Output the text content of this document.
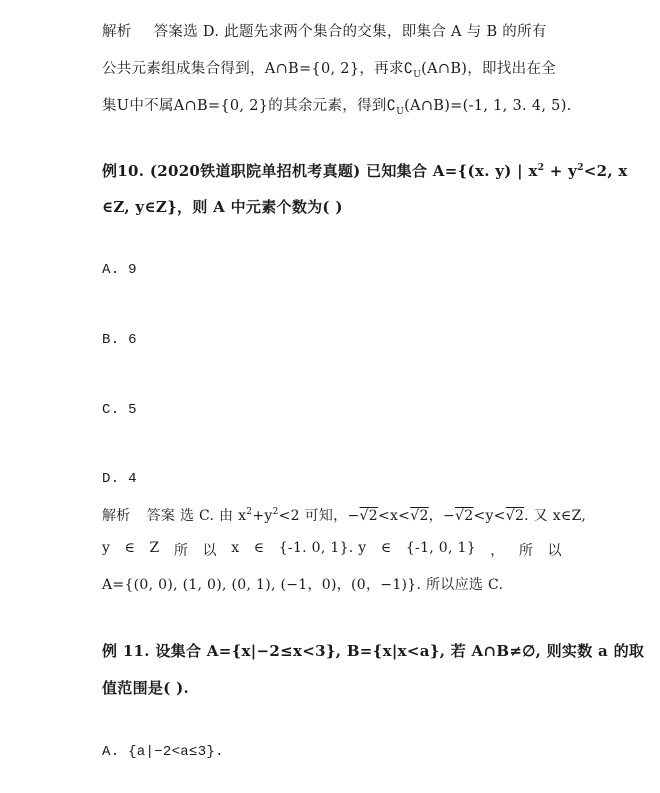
解析 答案选 D. 此题先求两个集合的交集，即集合 A 与 B 的所有
公共元素组成集合得到，A∩B={0, 2}，再求$∁_U(A\cap B)$，即找出在全
集U中不属A∩B={0, 2}的其余元素，得到$∁_U(A\cap B)=(-1$, 1, 3. 4, 5).
例10. (2020铁道职院单招机考真题) 已知集合 A={(x. y) | $x^2 + y^2<2$, x
∈Z, y∈Z}，则 A 中元素个数为( )
A. 9
B. 6
C. 5
D. 4
解析 答案 选 C. 由 $x^2+y^2<2$ 可知，−√2<x<√2，−√2<y<√2. 又 x∈Z,
y ∈ Z 所 以 x ∈ {-1. 0, 1}. y ∈ {-1, 0, 1} ， 所 以
A={(0, 0), (1, 0), (0, 1), (−1，0)，(0，−1)}. 所以应选 C.
例 11. 设集合 A={x|−2≤x<3}, B={x|x<a}, 若 A∩B≠∅, 则实数 a 的取
值范围是( ).
A. {a|−2<a≤3}.
